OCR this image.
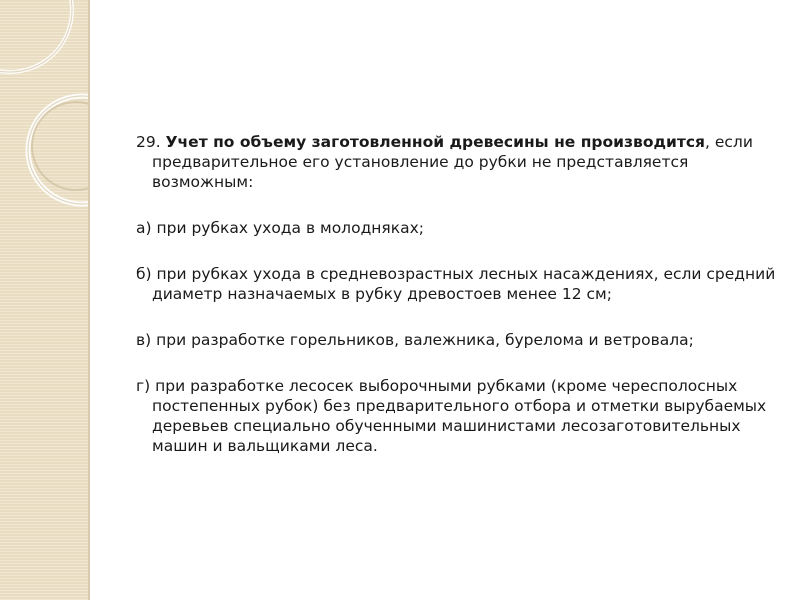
29. Учет по объему заготовленной древесины не производится, если предварительное его установление до рубки не представляется возможным:

а) при рубках ухода в молодняках;

б) при рубках ухода в средневозрастных лесных насаждениях, если средний диаметр назначаемых в рубку древостоев менее 12 см;

в) при разработке горельников, валежника, бурелома и ветровала;

г) при разработке лесосек выборочными рубками (кроме чересполосных постепенных рубок) без предварительного отбора и отметки вырубаемых деревьев специально обученными машинистами лесозаготовительных машин и вальщиками леса.
